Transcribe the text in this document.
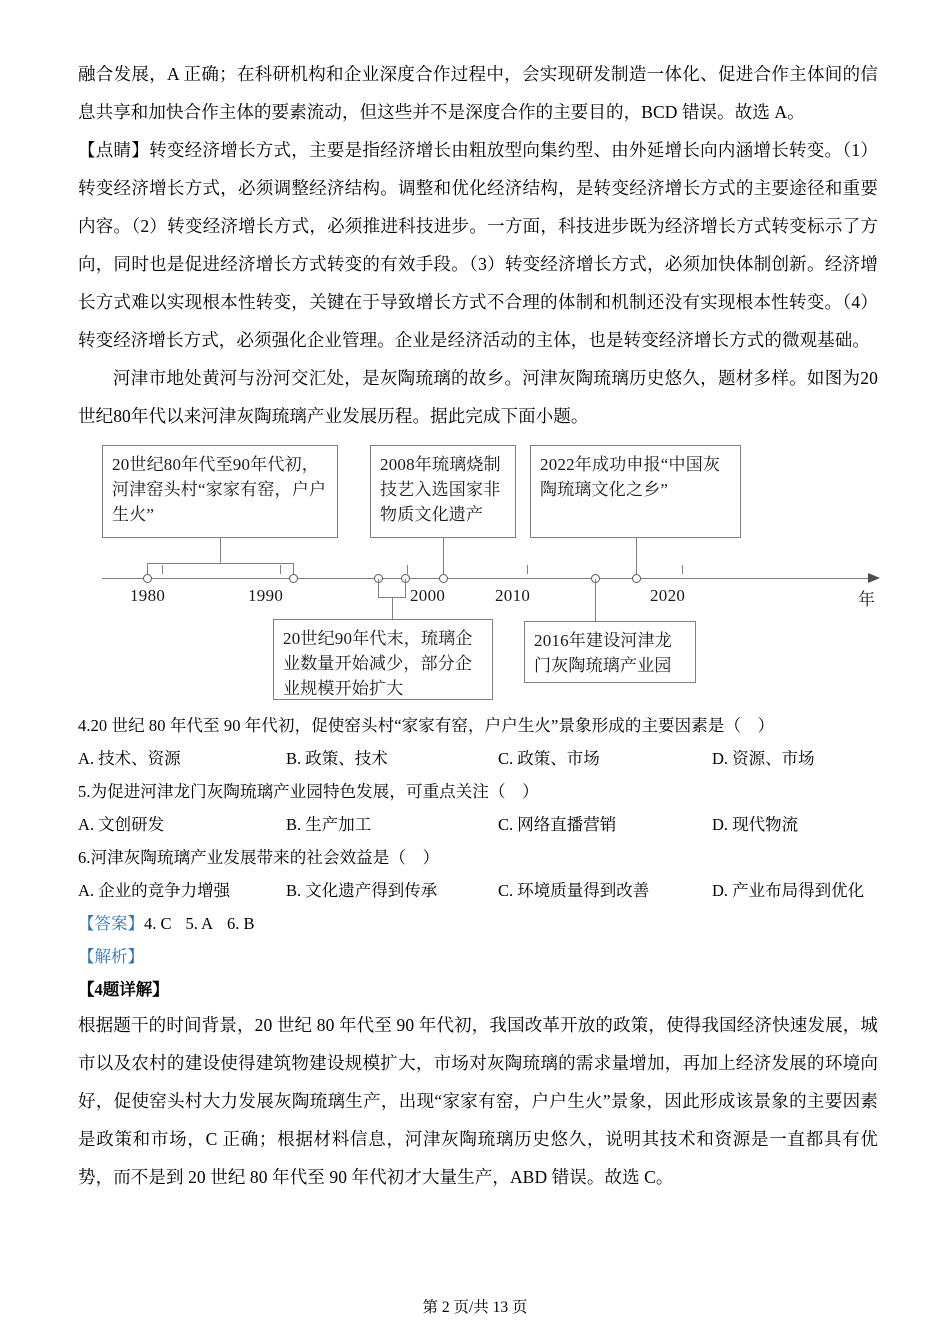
融合发展，A 正确；在科研机构和企业深度合作过程中，会实现研发制造一体化、促进合作主体间的信息共享和加快合作主体的要素流动，但这些并不是深度合作的主要目的，BCD 错误。故选 A。

【点睛】转变经济增长方式，主要是指经济增长由粗放型向集约型、由外延增长向内涵增长转变。（1）转变经济增长方式，必须调整经济结构。调整和优化经济结构，是转变经济增长方式的主要途径和重要内容。（2）转变经济增长方式，必须推进科技进步。一方面，科技进步既为经济增长方式转变标示了方向，同时也是促进经济增长方式转变的有效手段。（3）转变经济增长方式，必须加快体制创新。经济增长方式难以实现根本性转变，关键在于导致增长方式不合理的体制和机制还没有实现根本性转变。（4）转变经济增长方式，必须强化企业管理。企业是经济活动的主体，也是转变经济增长方式的微观基础。

河津市地处黄河与汾河交汇处，是灰陶琉璃的故乡。河津灰陶琉璃历史悠久，题材多样。如图为20世纪80年代以来河津灰陶琉璃产业发展历程。据此完成下面小题。

20世纪80年代至90年代初，河津窑头村“家家有窑，户户生火”
2008年琉璃烧制技艺入选国家非物质文化遗产
2022年成功申报“中国灰陶琉璃文化之乡”
1980	1990	2000	2010	2020	年
20世纪90年代末，琉璃企业数量开始减少，部分企业规模开始扩大
2016年建设河津龙门灰陶琉璃产业园

4.20 世纪 80 年代至 90 年代初，促使窑头村“家家有窑，户户生火”景象形成的主要因素是（　）

A. 技术、资源	B. 政策、技术	C. 政策、市场	D. 资源、市场

5.为促进河津龙门灰陶琉璃产业园特色发展，可重点关注（　）

A. 文创研发	B. 生产加工	C. 网络直播营销	D. 现代物流

6.河津灰陶琉璃产业发展带来的社会效益是（　）

A. 企业的竞争力增强	B. 文化遗产得到传承	C. 环境质量得到改善	D. 产业布局得到优化

【答案】4. C 5. A 6. B

【解析】

【4题详解】

根据题干的时间背景，20 世纪 80 年代至 90 年代初，我国改革开放的政策，使得我国经济快速发展，城市以及农村的建设使得建筑物建设规模扩大，市场对灰陶琉璃的需求量增加，再加上经济发展的环境向好，促使窑头村大力发展灰陶琉璃生产，出现“家家有窑，户户生火”景象，因此形成该景象的主要因素是政策和市场，C 正确；根据材料信息，河津灰陶琉璃历史悠久，说明其技术和资源是一直都具有优势，而不是到 20 世纪 80 年代至 90 年代初才大量生产，ABD 错误。故选 C。

第 2 页/共 13 页
